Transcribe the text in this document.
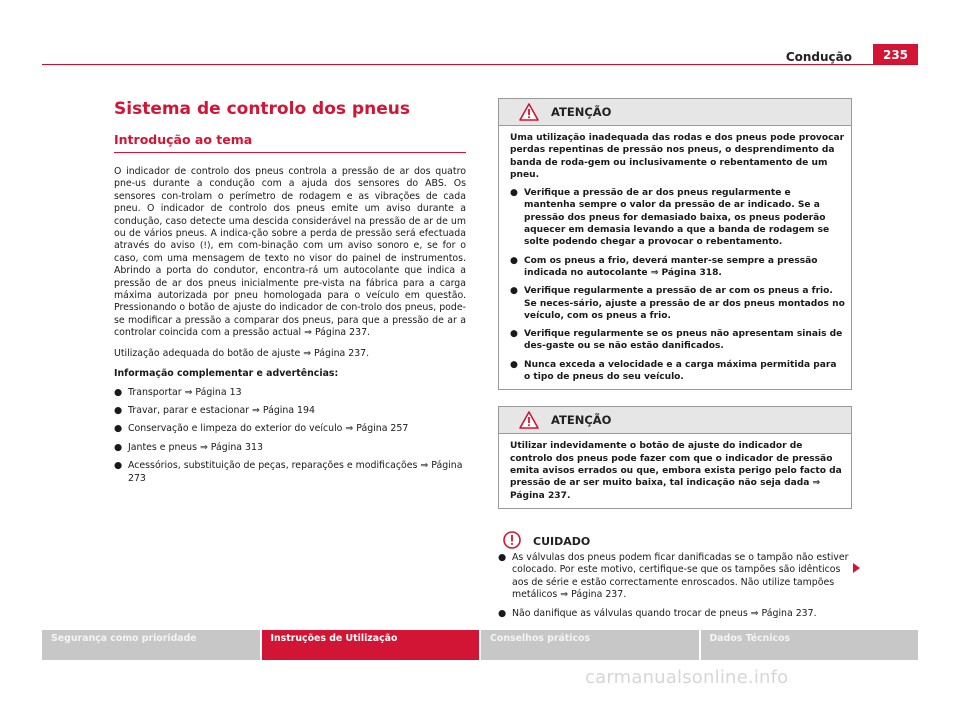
Condução	235
Sistema de controlo dos pneus
Introdução ao tema

O indicador de controlo dos pneus controla a pressão de ar dos quatro pne-us durante a condução com a ajuda dos sensores do ABS. Os sensores con-trolam o perímetro de rodagem e as vibrações de cada pneu. O indicador de controlo dos pneus emite um aviso durante a condução, caso detecte uma descida considerável na pressão de ar de um ou de vários pneus. A indica-ção sobre a perda de pressão será efectuada através do aviso (!), em com-binação com um aviso sonoro e, se for o caso, com uma mensagem de texto no visor do painel de instrumentos. Abrindo a porta do condutor, encontra-rá um autocolante que indica a pressão de ar dos pneus inicialmente pre-vista na fábrica para a carga máxima autorizada por pneu homologada para o veículo em questão. Pressionando o botão de ajuste do indicador de con-trolo dos pneus, pode-se modificar a pressão a comparar dos pneus, para que a pressão de ar a controlar coincida com a pressão actual ⇒ Página 237.

Utilização adequada do botão de ajuste ⇒ Página 237.

Informação complementar e advertências:

● Transportar ⇒ Página 13
● Travar, parar e estacionar ⇒ Página 194
● Conservação e limpeza do exterior do veículo ⇒ Página 257
● Jantes e pneus ⇒ Página 313
● Acessórios, substituição de peças, reparações e modificações ⇒ Página 273
ATENÇÃO
Uma utilização inadequada das rodas e dos pneus pode provocar perdas repentinas de pressão nos pneus, o desprendimento da banda de roda-gem ou inclusivamente o rebentamento de um pneu.
● Verifique a pressão de ar dos pneus regularmente e mantenha sempre o valor da pressão de ar indicado. Se a pressão dos pneus for demasiado baixa, os pneus poderão aquecer em demasia levando a que a banda de rodagem se solte podendo chegar a provocar o rebentamento.
● Com os pneus a frio, deverá manter-se sempre a pressão indicada no autocolante ⇒ Página 318.
● Verifique regularmente a pressão de ar com os pneus a frio. Se neces-sário, ajuste a pressão de ar dos pneus montados no veículo, com os pneus a frio.
● Verifique regularmente se os pneus não apresentam sinais de des-gaste ou se não estão danificados.
● Nunca exceda a velocidade e a carga máxima permitida para o tipo de pneus do seu veículo.
ATENÇÃO
Utilizar indevidamente o botão de ajuste do indicador de controlo dos pneus pode fazer com que o indicador de pressão emita avisos errados ou que, embora exista perigo pelo facto da pressão de ar ser muito baixa, tal indicação não seja dada ⇒ Página 237.
CUIDADO
● As válvulas dos pneus podem ficar danificadas se o tampão não estiver colocado. Por este motivo, certifique-se que os tampões são idênticos aos de série e estão correctamente enroscados. Não utilize tampões metálicos ⇒ Página 237.
● Não danifique as válvulas quando trocar de pneus ⇒ Página 237.
Segurança como prioridade	Instruções de Utilização	Conselhos práticos	Dados Técnicos
carmanualsonline.info
